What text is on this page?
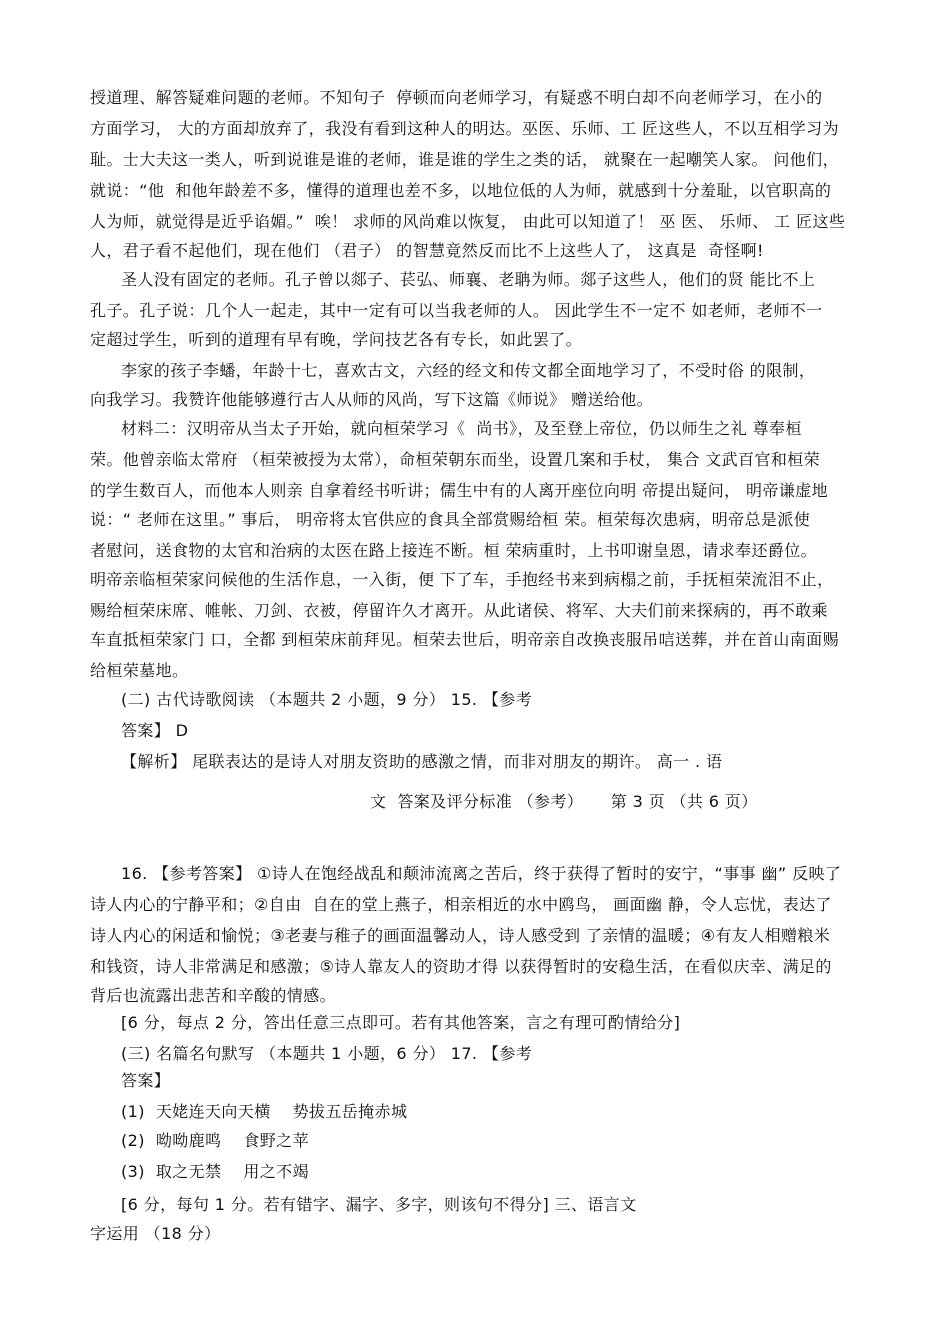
授道理、解答疑难问题的老师。不知句子  停顿而向老师学习，有疑惑不明白却不向老师学习，在小的
方面学习， 大的方面却放弃了，我没有看到这种人的明达。巫医、乐师、工 匠这些人，不以互相学习为
耻。士大夫这一类人，听到说谁是谁的老师，谁是谁的学生之类的话， 就聚在一起嘲笑人家。 问他们，
就说：“他  和他年龄差不多，懂得的道理也差不多，以地位低的人为师，就感到十分羞耻，以官职高的
人为师，就觉得是近乎谄媚。”  唉！ 求师的风尚难以恢复， 由此可以知道了！ 巫 医、 乐师、 工 匠这些
人，君子看不起他们，现在他们 （君子） 的智慧竟然反而比不上这些人了， 这真是  奇怪啊!
圣人没有固定的老师。孔子曾以郯子、苌弘、师襄、老聃为师。郯子这些人，他们的贤 能比不上
孔子。孔子说：几个人一起走，其中一定有可以当我老师的人。 因此学生不一定不 如老师，老师不一
定超过学生，听到的道理有早有晚，学问技艺各有专长，如此罢了。
李家的孩子李蟠，年龄十七，喜欢古文，六经的经文和传文都全面地学习了，不受时俗 的限制，
向我学习。我赞许他能够遵行古人从师的风尚，写下这篇《师说》 赠送给他。
材料二：汉明帝从当太子开始，就向桓荣学习《  尚书》，及至登上帝位，仍以师生之礼 尊奉桓
荣。他曾亲临太常府 （桓荣被授为太常），命桓荣朝东而坐，设置几案和手杖， 集合 文武百官和桓荣
的学生数百人，而他本人则亲 自拿着经书听讲；儒生中有的人离开座位向明 帝提出疑问， 明帝谦虚地
说：“ 老师在这里。” 事后， 明帝将太官供应的食具全部赏赐给桓 荣。桓荣每次患病，明帝总是派使
者慰问，送食物的太官和治病的太医在路上接连不断。桓 荣病重时，上书叩谢皇恩，请求奉还爵位。
明帝亲临桓荣家问候他的生活作息，一入街，便 下了车，手抱经书来到病榻之前，手抚桓荣流泪不止，
赐给桓荣床席、帷帐、刀剑、衣被，停留许久才离开。从此诸侯、将军、大夫们前来探病的，再不敢乘
车直抵桓荣家门 口，全都 到桓荣床前拜见。桓荣去世后，明帝亲自改换丧服吊唁送葬，并在首山南面赐
给桓荣墓地。
(二) 古代诗歌阅读 （本题共 2 小题，9 分） 15. 【参考
答案】 D
【解析】 尾联表达的是诗人对朋友资助的感激之情，而非对朋友的期许。 高一 . 语
文  答案及评分标准 （参考）     第 3 页 （共 6 页）
16. 【参考答案】 ①诗人在饱经战乱和颠沛流离之苦后，终于获得了暂时的安宁，“事事 幽” 反映了
诗人内心的宁静平和；②自由  自在的堂上燕子，相亲相近的水中鸥鸟， 画面幽 静，令人忘忧，表达了
诗人内心的闲适和愉悦；③老妻与稚子的画面温馨动人，诗人感受到 了亲情的温暖；④有友人相赠粮米
和钱资，诗人非常满足和感激；⑤诗人靠友人的资助才得 以获得暂时的安稳生活，在看似庆幸、满足的
背后也流露出悲苦和辛酸的情感。
[6 分，每点 2 分，答出任意三点即可。若有其他答案，言之有理可酌情给分]
(三) 名篇名句默写 （本题共 1 小题，6 分） 17. 【参考
答案】
(1)  天姥连天向天横    势拔五岳掩赤城
(2)  呦呦鹿鸣    食野之苹
(3)  取之无禁    用之不竭
[6 分，每句 1 分。若有错字、漏字、多字，则该句不得分] 三、语言文
字运用 （18 分）
